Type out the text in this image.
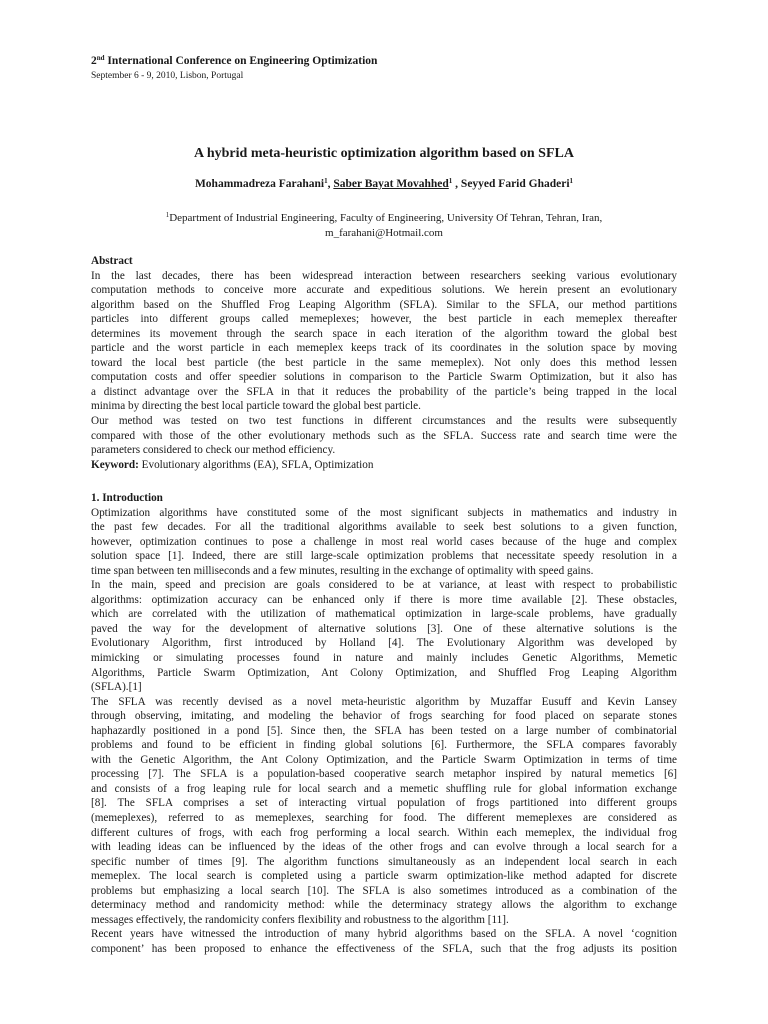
2nd International Conference on Engineering Optimization
September 6 - 9, 2010, Lisbon, Portugal
A hybrid meta-heuristic optimization algorithm based on SFLA
Mohammadreza Farahani$^1$, Saber Bayat Movahhed$^1$ , Seyyed Farid Ghaderi$^1$
$^1$Department of Industrial Engineering, Faculty of Engineering, University Of Tehran, Tehran, Iran,
m_farahani@Hotmail.com
Abstract
In the last decades, there has been widespread interaction between researchers seeking various evolutionary
computation methods to conceive more accurate and expeditious solutions. We herein present an evolutionary
algorithm based on the Shuffled Frog Leaping Algorithm (SFLA). Similar to the SFLA, our method partitions
particles into different groups called memeplexes; however, the best particle in each memeplex thereafter
determines its movement through the search space in each iteration of the algorithm toward the global best
particle and the worst particle in each memeplex keeps track of its coordinates in the solution space by moving
toward the local best particle (the best particle in the same memeplex). Not only does this method lessen
computation costs and offer speedier solutions in comparison to the Particle Swarm Optimization, but it also has
a distinct advantage over the SFLA in that it reduces the probability of the particle’s being trapped in the local
minima by directing the best local particle toward the global best particle.
Our method was tested on two test functions in different circumstances and the results were subsequently
compared with those of the other evolutionary methods such as the SFLA. Success rate and search time were the
parameters considered to check our method efficiency.
Keyword: Evolutionary algorithms (EA), SFLA, Optimization
1. Introduction
Optimization algorithms have constituted some of the most significant subjects in mathematics and industry in
the past few decades. For all the traditional algorithms available to seek best solutions to a given function,
however, optimization continues to pose a challenge in most real world cases because of the huge and complex
solution space [1]. Indeed, there are still large-scale optimization problems that necessitate speedy resolution in a
time span between ten milliseconds and a few minutes, resulting in the exchange of optimality with speed gains.
In the main, speed and precision are goals considered to be at variance, at least with respect to probabilistic
algorithms: optimization accuracy can be enhanced only if there is more time available [2]. These obstacles,
which are correlated with the utilization of mathematical optimization in large-scale problems, have gradually
paved the way for the development of alternative solutions [3]. One of these alternative solutions is the
Evolutionary Algorithm, first introduced by Holland [4]. The Evolutionary Algorithm was developed by
mimicking or simulating processes found in nature and mainly includes Genetic Algorithms, Memetic
Algorithms, Particle Swarm Optimization, Ant Colony Optimization, and Shuffled Frog Leaping Algorithm
(SFLA).[1]
The SFLA was recently devised as a novel meta-heuristic algorithm by Muzaffar Eusuff and Kevin Lansey
through observing, imitating, and modeling the behavior of frogs searching for food placed on separate stones
haphazardly positioned in a pond [5]. Since then, the SFLA has been tested on a large number of combinatorial
problems and found to be efficient in finding global solutions [6]. Furthermore, the SFLA compares favorably
with the Genetic Algorithm, the Ant Colony Optimization, and the Particle Swarm Optimization in terms of time
processing [7]. The SFLA is a population-based cooperative search metaphor inspired by natural memetics [6]
and consists of a frog leaping rule for local search and a memetic shuffling rule for global information exchange
[8]. The SFLA comprises a set of interacting virtual population of frogs partitioned into different groups
(memeplexes), referred to as memeplexes, searching for food. The different memeplexes are considered as
different cultures of frogs, with each frog performing a local search. Within each memeplex, the individual frog
with leading ideas can be influenced by the ideas of the other frogs and can evolve through a local search for a
specific number of times [9]. The algorithm functions simultaneously as an independent local search in each
memeplex. The local search is completed using a particle swarm optimization-like method adapted for discrete
problems but emphasizing a local search [10]. The SFLA is also sometimes introduced as a combination of the
determinacy method and randomicity method: while the determinacy strategy allows the algorithm to exchange
messages effectively, the randomicity confers flexibility and robustness to the algorithm [11].
Recent years have witnessed the introduction of many hybrid algorithms based on the SFLA. A novel ‘cognition
component’ has been proposed to enhance the effectiveness of the SFLA, such that the frog adjusts its position
